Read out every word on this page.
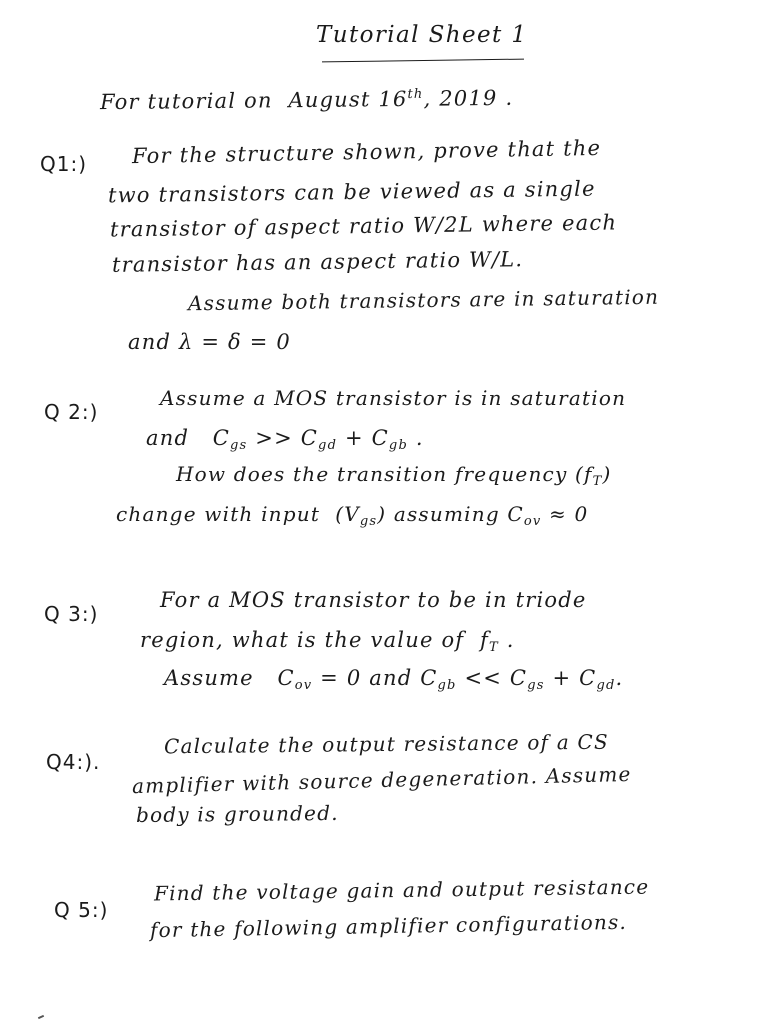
Tutorial Sheet 1
For tutorial on August 16th, 2019 .
Q1:) For the structure shown, prove that the
two transistors can be viewed as a single
transistor of aspect ratio W/2L where each
transistor has an aspect ratio W/L.
Assume both transistors are in saturation
and λ = δ = 0
Q 2:)
Assume a MOS transistor is in saturation
and $C_{gs} >> C_{gd} + C_{gb}$ .
How does the transition frequency $(f_T)$
change with input $(V_{gs})$ assuming $C_{ov} \approx 0$
Q 3:)
For a MOS transistor to be in triode
region, what is the value of $f_T$ .
Assume $C_{ov} = 0$ and $C_{gb} << C_{gs} + C_{gd}$.
Q4:).
Calculate the output resistance of a CS
amplifier with source degeneration. Assume
body is grounded.
Q 5:)
Find the voltage gain and output resistance
for the following amplifier configurations.
